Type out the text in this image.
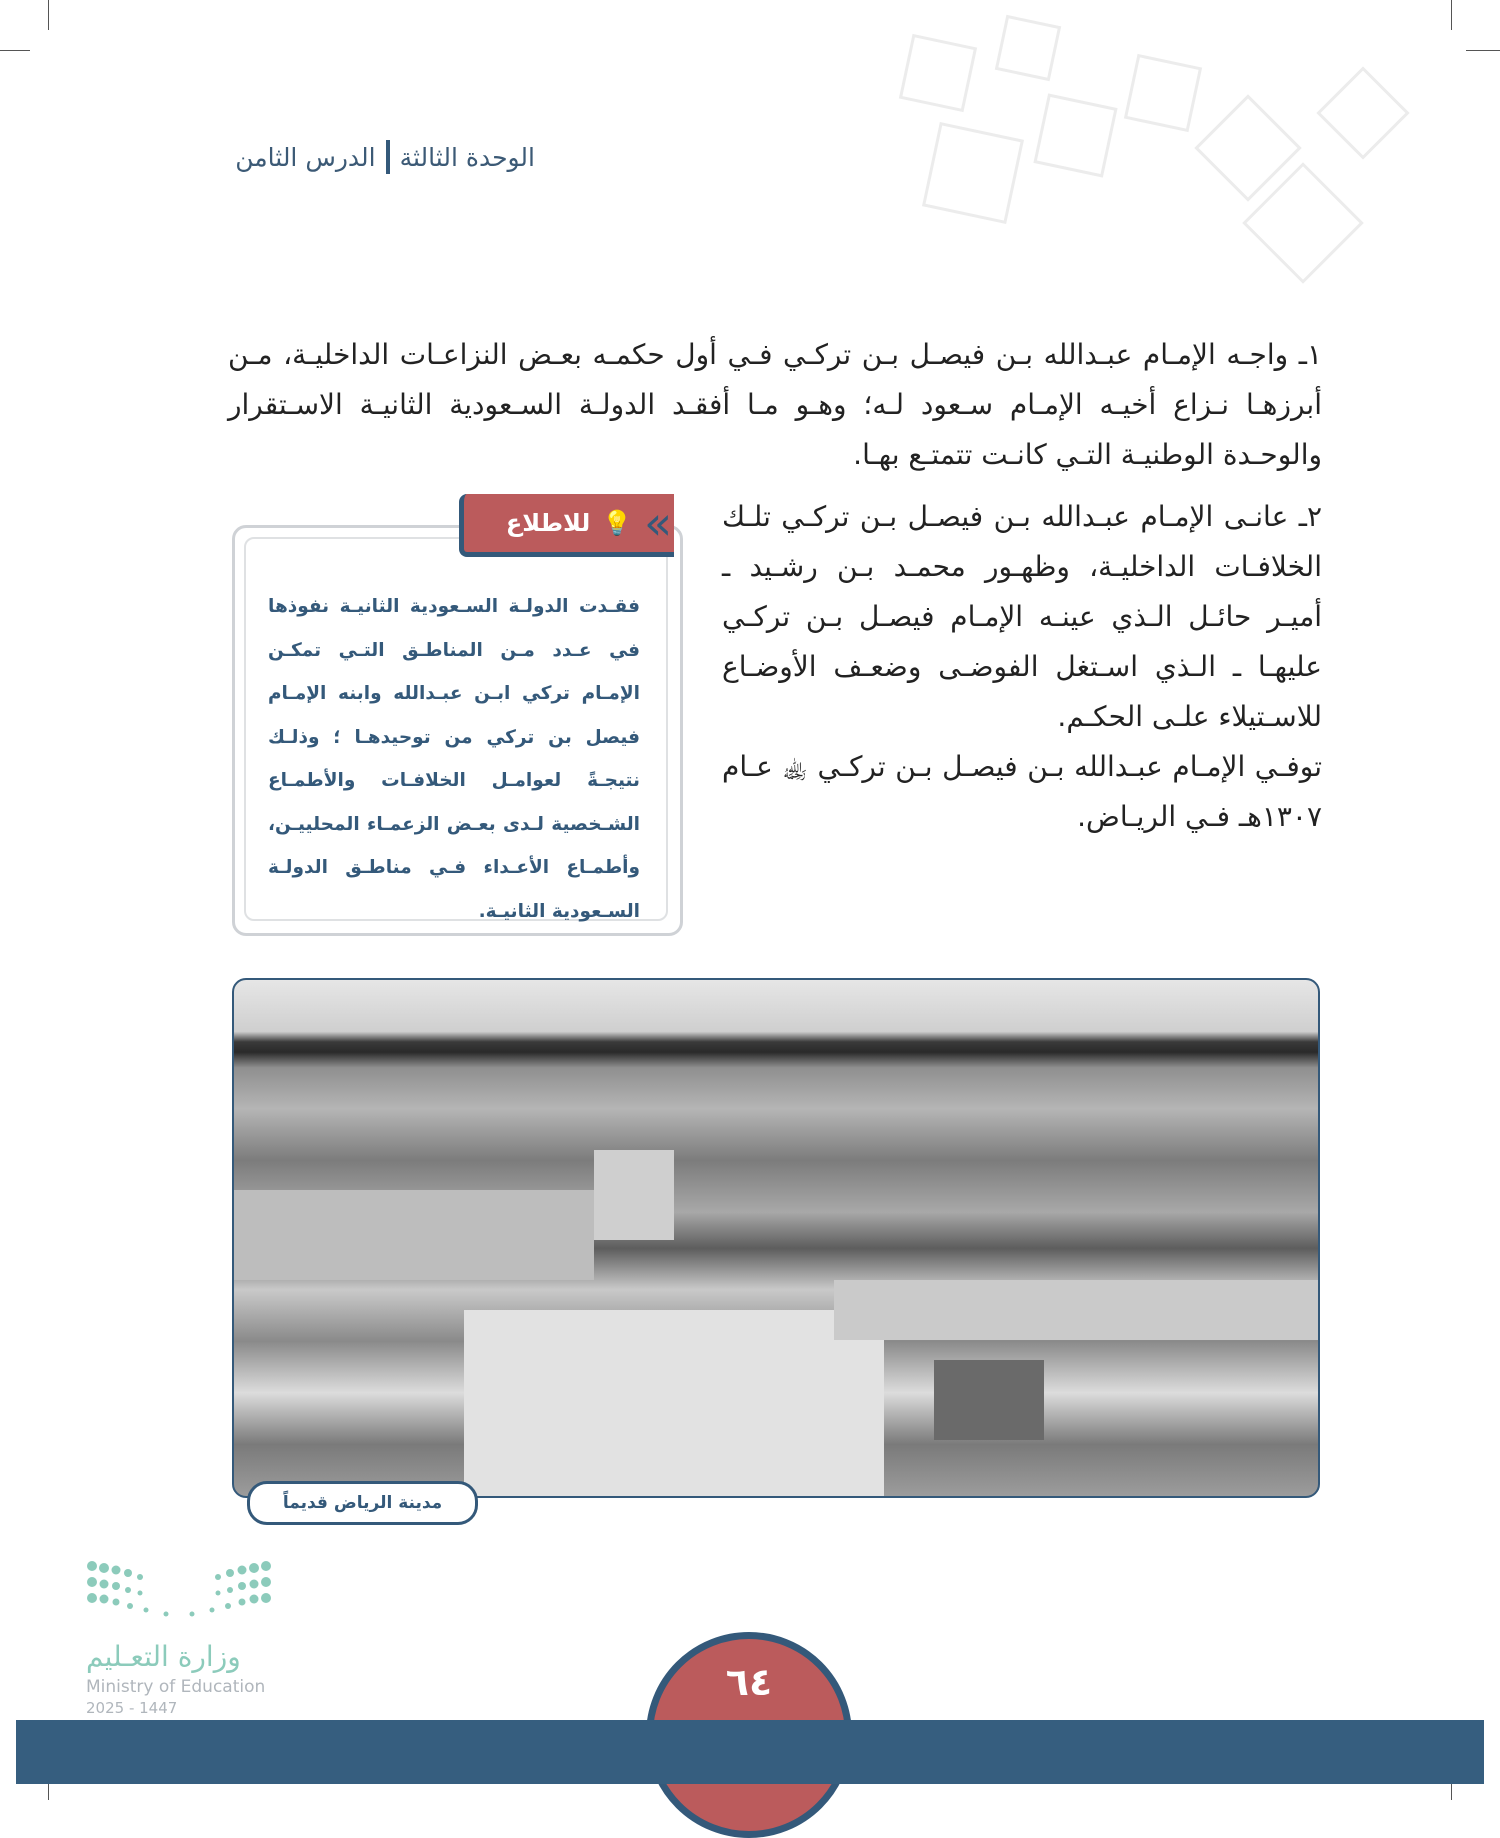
الوحدة الثالثة
الدرس الثامن
١ـ واجـه الإمـام عبـدالله بـن فيصـل بـن تركـي فـي أول حكمـه بعـض النزاعـات الداخليـة، مـن أبرزهـا نـزاع أخيـه الإمـام سـعود لـه؛ وهـو مـا أفقـد الدولـة السـعودية الثانيـة الاسـتقرار والوحـدة الوطنيـة التـي كانـت تتمتـع بهـا.
٢ـ عانـى الإمـام عبـدالله بـن فيصـل بـن تركـي تلـك الخلافـات الداخليـة، وظهـور محمـد بـن رشـيد ـ أميـر حائـل الـذي عينـه الإمـام فيصـل بـن تركـي عليهـا ـ الـذي اسـتغل الفوضـى وضعـف الأوضـاع للاسـتيلاء علـى الحكـم.
توفـي الإمـام عبـدالله بـن فيصـل بـن تركـي ﵀ عـام ١٣٠٧هـ فـي الريـاض.
💡
للاطلاع «
فقـدت الدولـة السـعودية الثانيـة نفوذها في عـدد مـن المناطـق التـي تمكـن الإمـام تركي ابـن عبـدالله وابنه الإمـام فيصل بن تركي من توحيدهـا ؛ وذلـك نتيجـةً لعوامـل الخلافـات والأطمـاع الشـخصية لـدى بعـض الزعمـاء المحلييـن، وأطمـاع الأعـداء فـي مناطـق الدولـة السـعودية الثانيـة.
مدينة الرياض قديماً
وزارة التعـليم
Ministry of Education
2025 - 1447
٦٤
